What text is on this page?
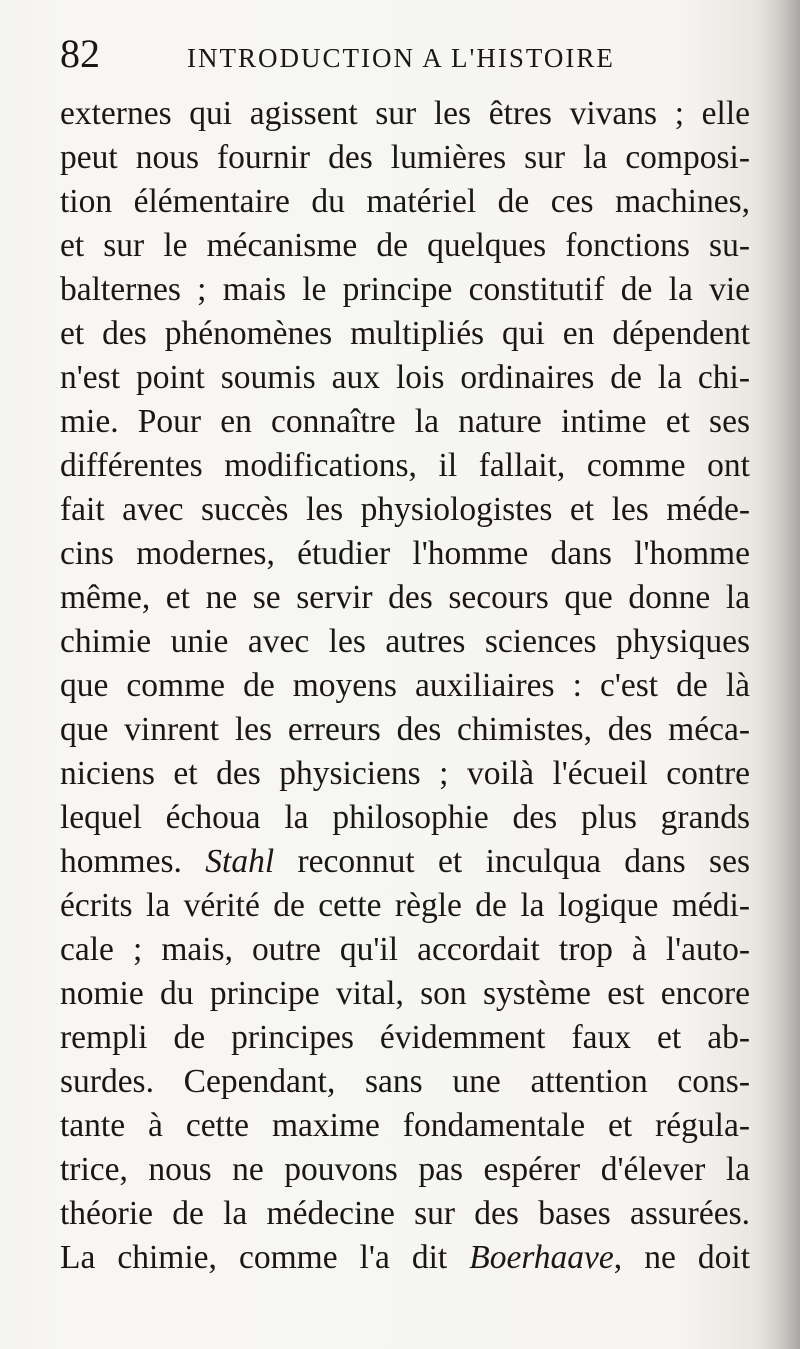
82	INTRODUCTION A L'HISTOIRE
externes qui agissent sur les êtres vivans ; elle
peut nous fournir des lumières sur la composi-
tion élémentaire du matériel de ces machines,
et sur le mécanisme de quelques fonctions su-
balternes ; mais le principe constitutif de la vie
et des phénomènes multipliés qui en dépendent
n'est point soumis aux lois ordinaires de la chi-
mie. Pour en connaître la nature intime et ses
différentes modifications, il fallait, comme ont
fait avec succès les physiologistes et les méde-
cins modernes, étudier l'homme dans l'homme
même, et ne se servir des secours que donne la
chimie unie avec les autres sciences physiques
que comme de moyens auxiliaires : c'est de là
que vinrent les erreurs des chimistes, des méca-
niciens et des physiciens ; voilà l'écueil contre
lequel échoua la philosophie des plus grands
hommes. Stahl reconnut et inculqua dans ses
écrits la vérité de cette règle de la logique médi-
cale ; mais, outre qu'il accordait trop à l'auto-
nomie du principe vital, son système est encore
rempli de principes évidemment faux et ab-
surdes. Cependant, sans une attention cons-
tante à cette maxime fondamentale et régula-
trice, nous ne pouvons pas espérer d'élever la
théorie de la médecine sur des bases assurées.
La chimie, comme l'a dit Boerhaave, ne doit
